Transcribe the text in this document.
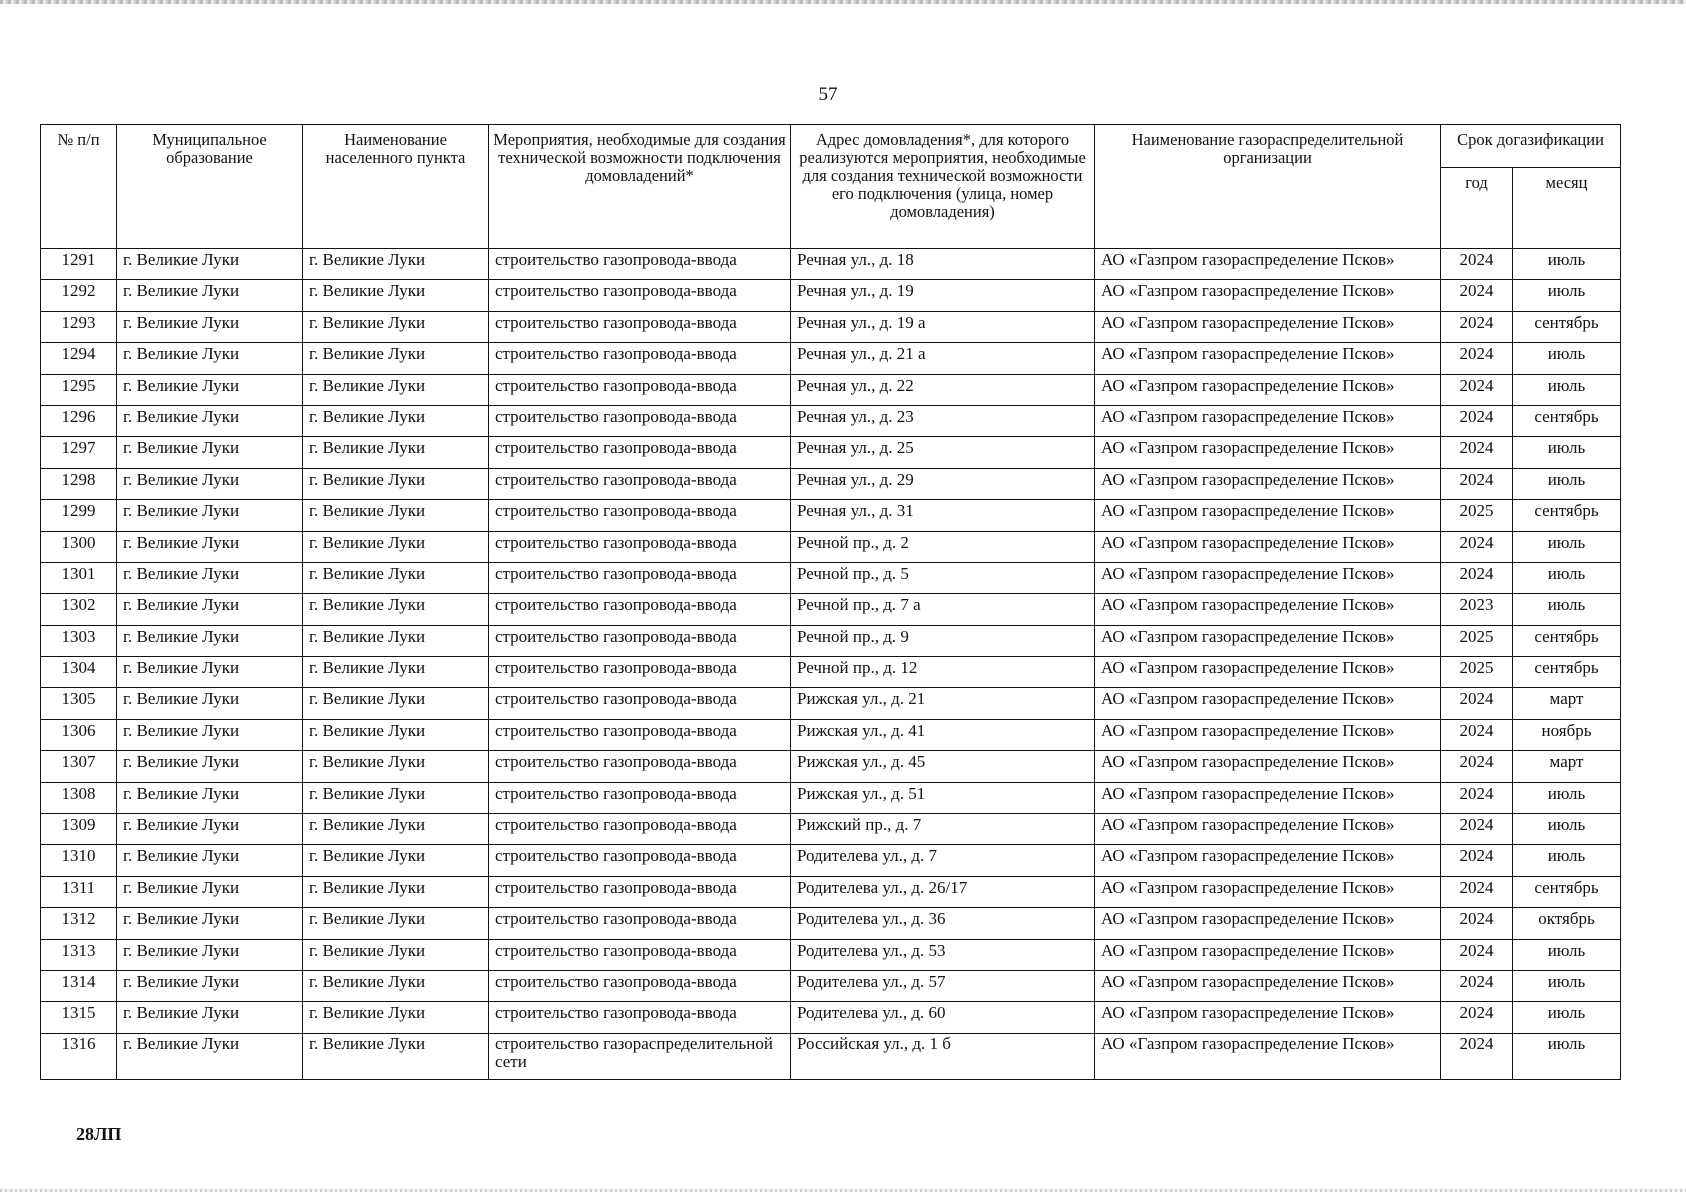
57
№ п/п	Муниципальное образование	Наименование населенного пункта	Мероприятия, необходимые для создания технической возможности подключения домовладений*	Адрес домовладения*, для которого реализуются мероприятия, необходимые для создания технической возможности его подключения (улица, номер домовладения)	Наименование газораспределительной организации	Срок догазификации	
						год	месяц
1291	г. Великие Луки	г. Великие Луки	строительство газопровода-ввода	Речная ул., д. 18	АО «Газпром газораспределение Псков»	2024	июль
1292	г. Великие Луки	г. Великие Луки	строительство газопровода-ввода	Речная ул., д. 19	АО «Газпром газораспределение Псков»	2024	июль
1293	г. Великие Луки	г. Великие Луки	строительство газопровода-ввода	Речная ул., д. 19 а	АО «Газпром газораспределение Псков»	2024	сентябрь
1294	г. Великие Луки	г. Великие Луки	строительство газопровода-ввода	Речная ул., д. 21 а	АО «Газпром газораспределение Псков»	2024	июль
1295	г. Великие Луки	г. Великие Луки	строительство газопровода-ввода	Речная ул., д. 22	АО «Газпром газораспределение Псков»	2024	июль
1296	г. Великие Луки	г. Великие Луки	строительство газопровода-ввода	Речная ул., д. 23	АО «Газпром газораспределение Псков»	2024	сентябрь
1297	г. Великие Луки	г. Великие Луки	строительство газопровода-ввода	Речная ул., д. 25	АО «Газпром газораспределение Псков»	2024	июль
1298	г. Великие Луки	г. Великие Луки	строительство газопровода-ввода	Речная ул., д. 29	АО «Газпром газораспределение Псков»	2024	июль
1299	г. Великие Луки	г. Великие Луки	строительство газопровода-ввода	Речная ул., д. 31	АО «Газпром газораспределение Псков»	2025	сентябрь
1300	г. Великие Луки	г. Великие Луки	строительство газопровода-ввода	Речной пр., д. 2	АО «Газпром газораспределение Псков»	2024	июль
1301	г. Великие Луки	г. Великие Луки	строительство газопровода-ввода	Речной пр., д. 5	АО «Газпром газораспределение Псков»	2024	июль
1302	г. Великие Луки	г. Великие Луки	строительство газопровода-ввода	Речной пр., д. 7 а	АО «Газпром газораспределение Псков»	2023	июль
1303	г. Великие Луки	г. Великие Луки	строительство газопровода-ввода	Речной пр., д. 9	АО «Газпром газораспределение Псков»	2025	сентябрь
1304	г. Великие Луки	г. Великие Луки	строительство газопровода-ввода	Речной пр., д. 12	АО «Газпром газораспределение Псков»	2025	сентябрь
1305	г. Великие Луки	г. Великие Луки	строительство газопровода-ввода	Рижская ул., д. 21	АО «Газпром газораспределение Псков»	2024	март
1306	г. Великие Луки	г. Великие Луки	строительство газопровода-ввода	Рижская ул., д. 41	АО «Газпром газораспределение Псков»	2024	ноябрь
1307	г. Великие Луки	г. Великие Луки	строительство газопровода-ввода	Рижская ул., д. 45	АО «Газпром газораспределение Псков»	2024	март
1308	г. Великие Луки	г. Великие Луки	строительство газопровода-ввода	Рижская ул., д. 51	АО «Газпром газораспределение Псков»	2024	июль
1309	г. Великие Луки	г. Великие Луки	строительство газопровода-ввода	Рижский пр., д. 7	АО «Газпром газораспределение Псков»	2024	июль
1310	г. Великие Луки	г. Великие Луки	строительство газопровода-ввода	Родителева ул., д. 7	АО «Газпром газораспределение Псков»	2024	июль
1311	г. Великие Луки	г. Великие Луки	строительство газопровода-ввода	Родителева ул., д. 26/17	АО «Газпром газораспределение Псков»	2024	сентябрь
1312	г. Великие Луки	г. Великие Луки	строительство газопровода-ввода	Родителева ул., д. 36	АО «Газпром газораспределение Псков»	2024	октябрь
1313	г. Великие Луки	г. Великие Луки	строительство газопровода-ввода	Родителева ул., д. 53	АО «Газпром газораспределение Псков»	2024	июль
1314	г. Великие Луки	г. Великие Луки	строительство газопровода-ввода	Родителева ул., д. 57	АО «Газпром газораспределение Псков»	2024	июль
1315	г. Великие Луки	г. Великие Луки	строительство газопровода-ввода	Родителева ул., д. 60	АО «Газпром газораспределение Псков»	2024	июль
1316	г. Великие Луки	г. Великие Луки	строительство газораспределительной сети	Российская ул., д. 1 б	АО «Газпром газораспределение Псков»	2024	июль
28ЛП
